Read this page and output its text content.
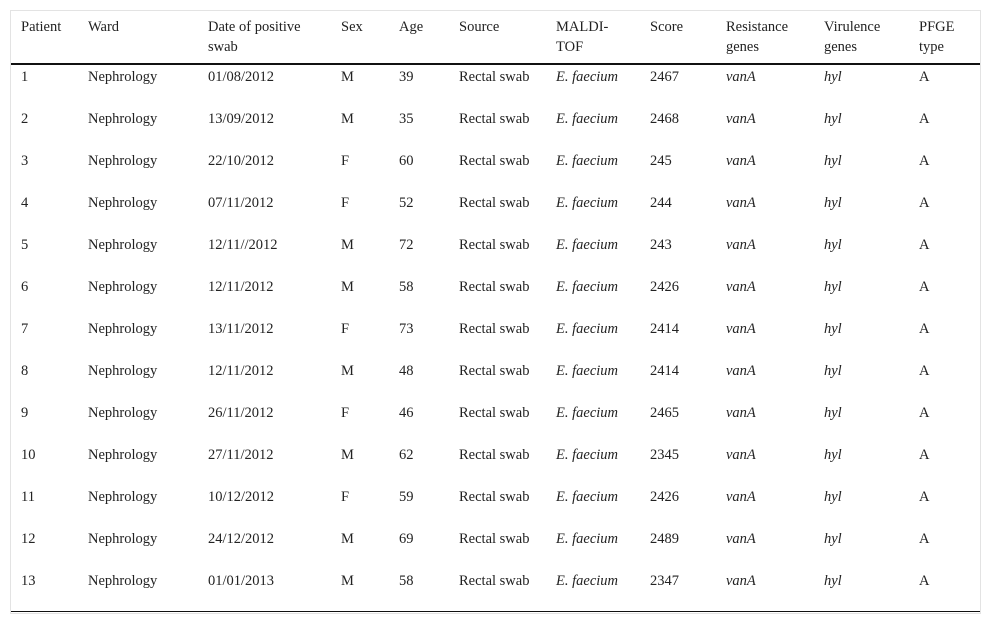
Patient	Ward	Date of positive swab	Sex	Age	Source	MALDI-TOF	Score	Resistance genes	Virulence genes	PFGE type
1	Nephrology	01/08/2012	M	39	Rectal swab	E. faecium	2467	vanA	hyl	A
2	Nephrology	13/09/2012	M	35	Rectal swab	E. faecium	2468	vanA	hyl	A
3	Nephrology	22/10/2012	F	60	Rectal swab	E. faecium	245	vanA	hyl	A
4	Nephrology	07/11/2012	F	52	Rectal swab	E. faecium	244	vanA	hyl	A
5	Nephrology	12/11//2012	M	72	Rectal swab	E. faecium	243	vanA	hyl	A
6	Nephrology	12/11/2012	M	58	Rectal swab	E. faecium	2426	vanA	hyl	A
7	Nephrology	13/11/2012	F	73	Rectal swab	E. faecium	2414	vanA	hyl	A
8	Nephrology	12/11/2012	M	48	Rectal swab	E. faecium	2414	vanA	hyl	A
9	Nephrology	26/11/2012	F	46	Rectal swab	E. faecium	2465	vanA	hyl	A
10	Nephrology	27/11/2012	M	62	Rectal swab	E. faecium	2345	vanA	hyl	A
11	Nephrology	10/12/2012	F	59	Rectal swab	E. faecium	2426	vanA	hyl	A
12	Nephrology	24/12/2012	M	69	Rectal swab	E. faecium	2489	vanA	hyl	A
13	Nephrology	01/01/2013	M	58	Rectal swab	E. faecium	2347	vanA	hyl	A
